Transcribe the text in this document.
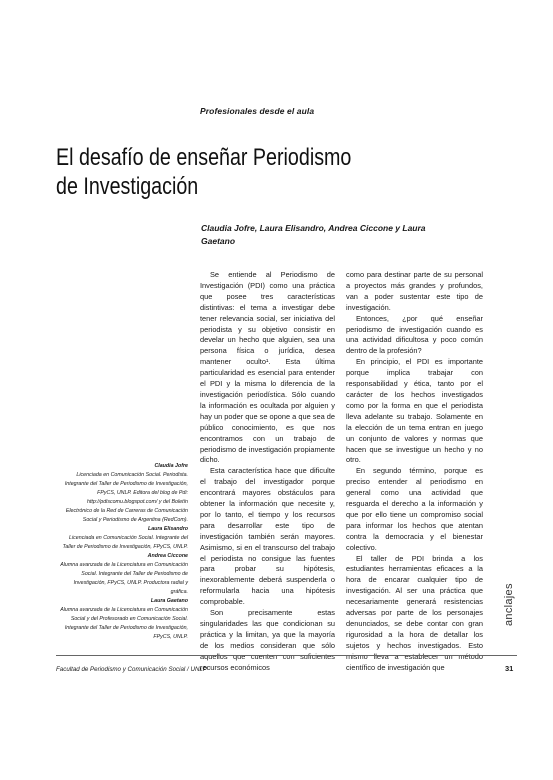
Profesionales desde el aula
El desafío de enseñar Periodismo
de Investigación
Claudia Jofre, Laura Elisandro, Andrea Ciccone y Laura
Gaetano

Se entiende al Periodismo de Investigación (PDI) como una práctica que posee tres características distintivas: el tema a investigar debe tener relevancia social, ser iniciativa del periodista y su objetivo consistir en develar un hecho que alguien, sea una persona física o jurídica, desea mantener oculto¹. Esta última particularidad es esencial para entender el PDI y la misma lo diferencia de la investigación periodística. Sólo cuando la información es ocultada por alguien y hay un poder que se opone a que sea de público conocimiento, es que nos encontramos con un trabajo de periodismo de investigación propiamente dicho.

Esta característica hace que dificulte el trabajo del investigador porque encontrará mayores obstáculos para obtener la información que necesite y, por lo tanto, el tiempo y los recursos para desarrollar este tipo de investigación también serán mayores. Asimismo, si en el transcurso del trabajo el periodista no consigue las fuentes para probar su hipótesis, inexorablemente deberá suspenderla o reformularla hacia una hipótesis comprobable.

Son precisamente estas singularidades las que condicionan su práctica y la limitan, ya que la mayoría de los medios consideran que sólo aquellos que cuenten con suficientes recursos económicos

como para destinar parte de su personal a proyectos más grandes y profundos, van a poder sustentar este tipo de investigación.

Entonces, ¿por qué enseñar periodismo de investigación cuando es una actividad dificultosa y poco común dentro de la profesión?

En principio, el PDI es importante porque implica trabajar con responsabilidad y ética, tanto por el carácter de los hechos investigados como por la forma en que el periodista lleva adelante su trabajo. Solamente en la elección de un tema entran en juego un conjunto de valores y normas que hacen que se investigue un hecho y no otro.

En segundo término, porque es preciso entender al periodismo en general como una actividad que resguarda el derecho a la información y que por ello tiene un compromiso social para informar los hechos que atentan contra la democracia y el bienestar colectivo.

El taller de PDI brinda a los estudiantes herramientas eficaces a la hora de encarar cualquier tipo de investigación. Al ser una práctica que necesariamente generará resistencias adversas por parte de los personajes denunciados, se debe contar con gran rigurosidad a la hora de detallar los sujetos y hechos investigados. Esto mismo lleva a establecer un método científico de investigación que

Claudia Jofre
Licenciada en Comunicación Social. Periodista. Integrante del Taller de Periodismo de Investigación, FPyCS, UNLP. Editora del blog de Pdi: http://pdiscomu.blogspot.com/ y del Boletín Electrónico de la Red de Carreras de Comunicación Social y Periodismo de Argentina (RedCom).
Laura Elisandro
Licenciada en Comunicación Social. Integrante del Taller de Periodismo de Investigación, FPyCS, UNLP.
Andrea Ciccone
Alumna avanzada de la Licenciatura en Comunicación Social. Integrante del Taller de Periodismo de Investigación, FPyCS, UNLP. Productora radial y gráfica.
Laura Gaetano
Alumna avanzada de la Licenciatura en Comunicación Social y del Profesorado en Comunicación Social. Integrante del Taller de Periodismo de Investigación, FPyCS, UNLP.
anclajes
Facultad de Periodismo y Comunicación Social / UNLP	31
